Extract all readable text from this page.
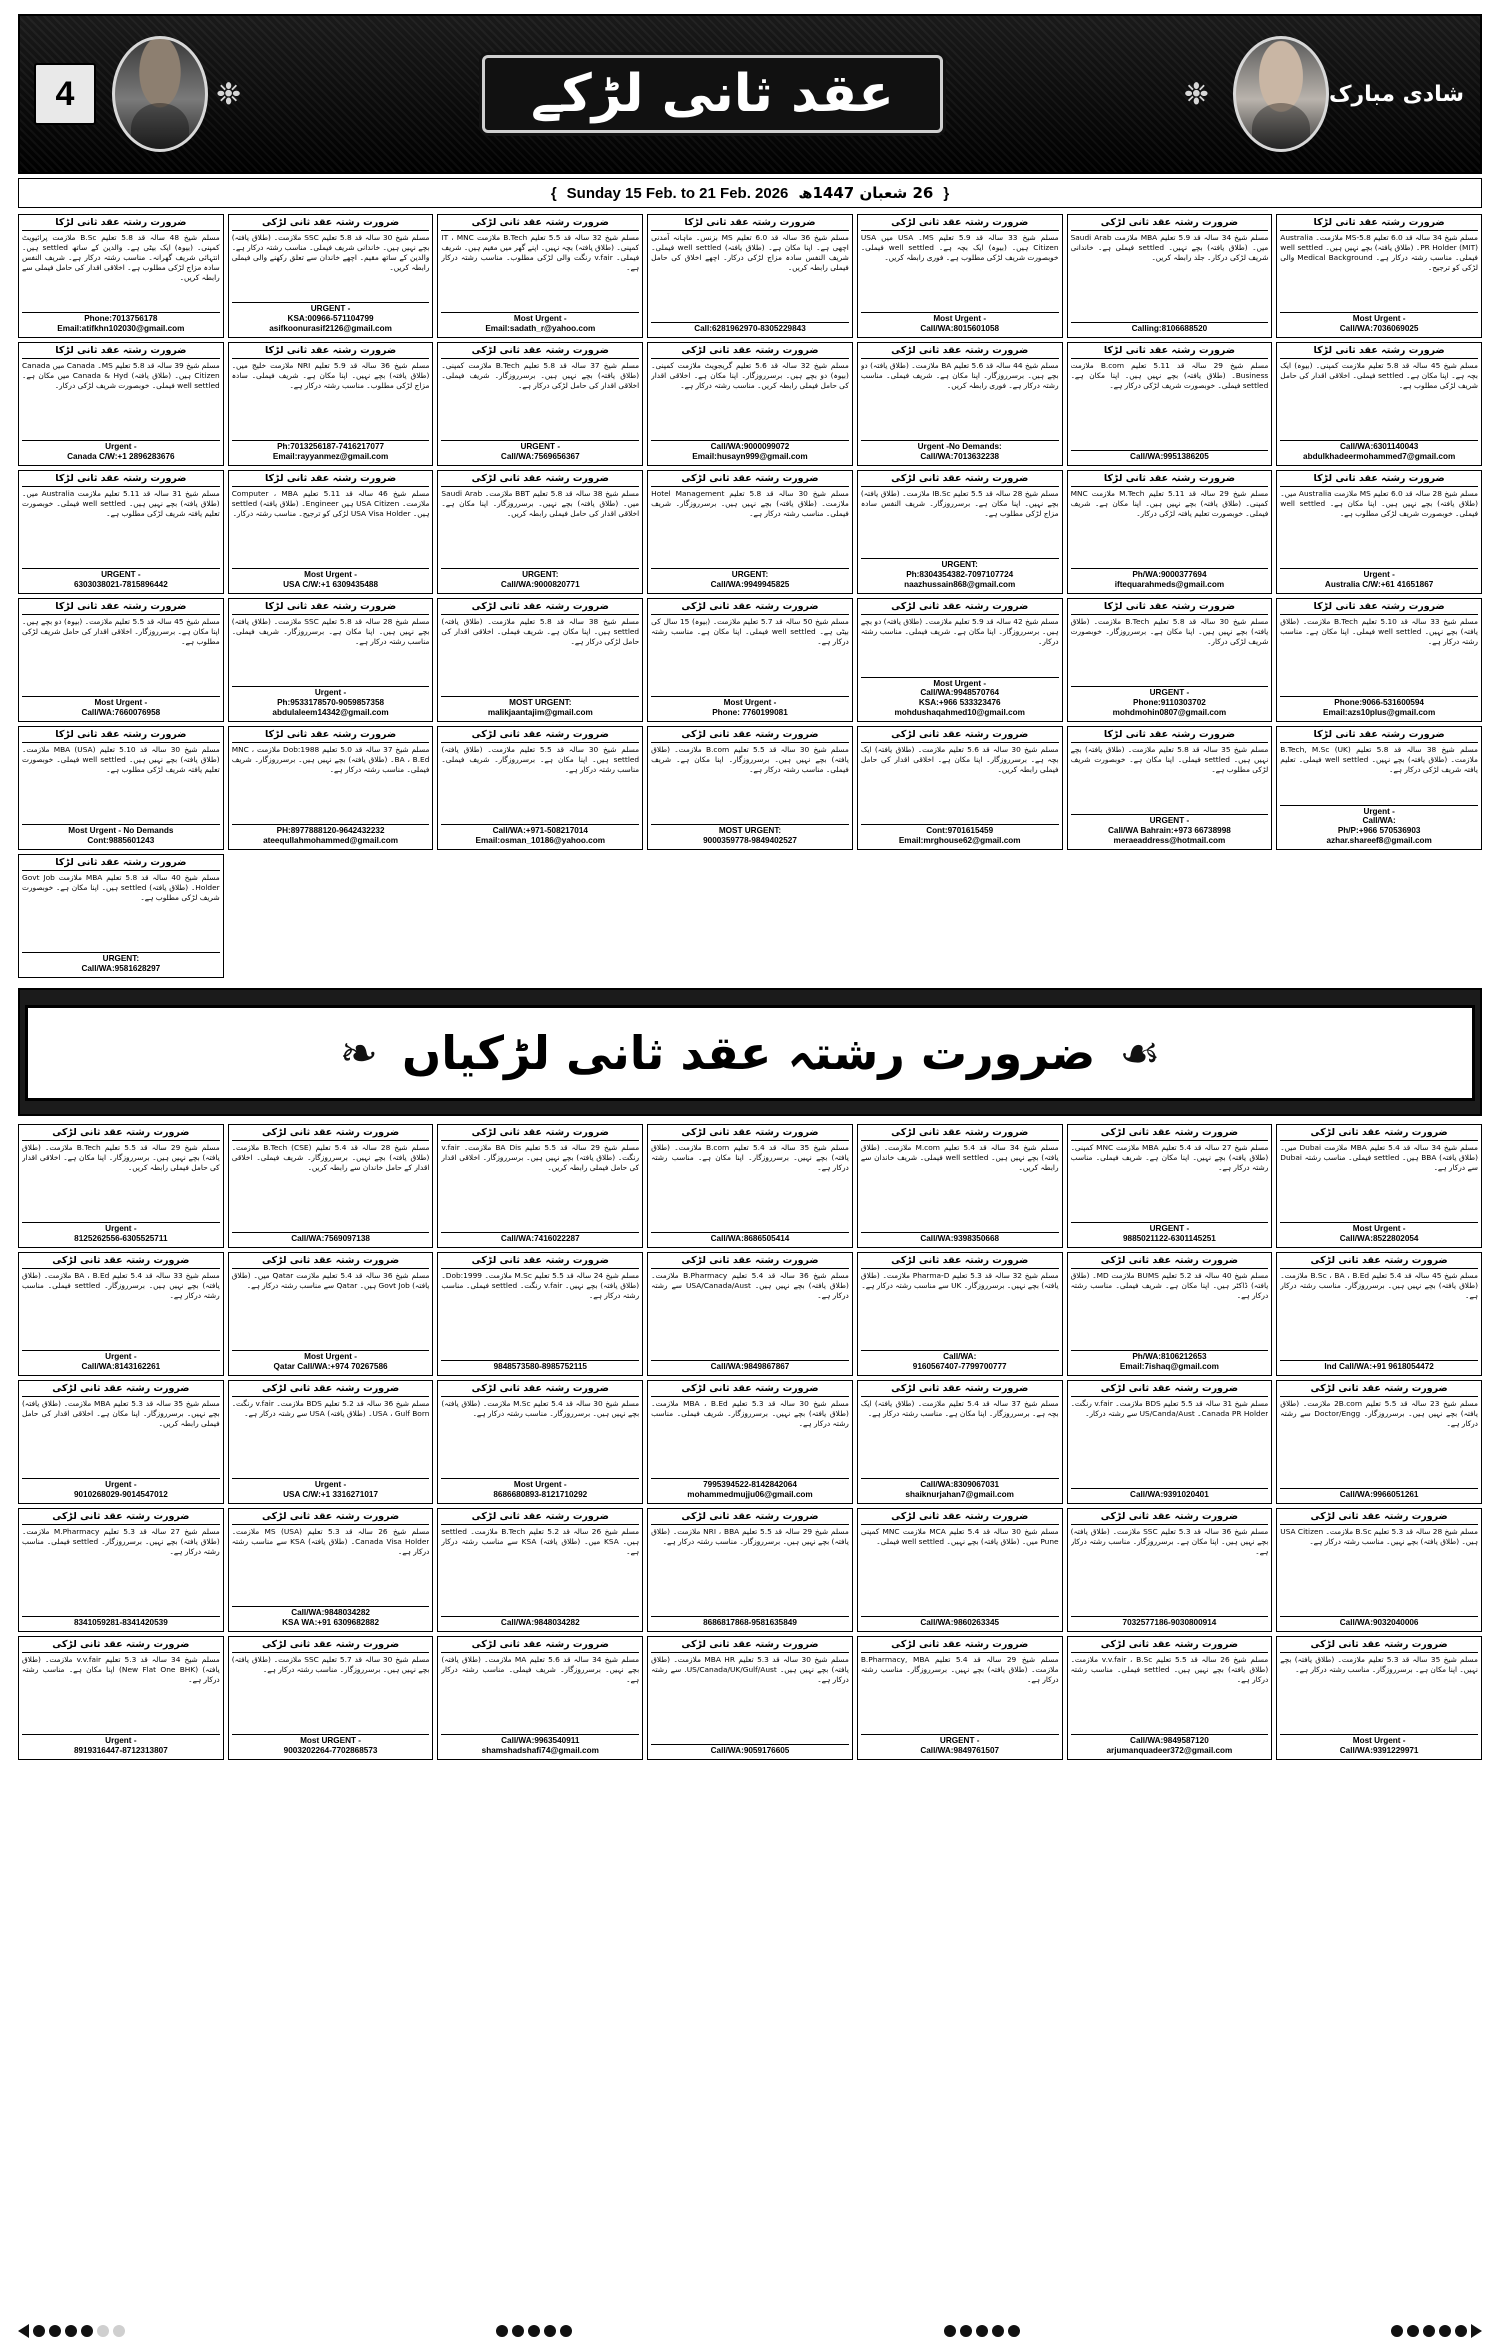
4	❉	عقد ثانی لڑکے	❉	شادی مبارک
{ Sunday 15 Feb. to 21 Feb. 2026 26 شعبان 1447ھ }
ضرورت رشتہ عقد ثانی لڑکا
مسلم شیخ 48 سالہ قد 5.8 تعلیم B.Sc ملازمت پرائیویٹ کمپنی۔ (بیوہ) ایک بیٹی ہے۔ والدین کے ساتھ settled ہیں۔ انتہائی شریف گھرانہ۔ مناسب رشتہ درکار ہے۔ شریف النفس سادہ مزاج لڑکی مطلوب ہے۔ اخلاقی اقدار کی حامل فیملی سے رابطہ کریں۔
Phone:7013756178
Email:atifkhn102030@gmail.com
ضرورت رشتہ عقد ثانی لڑکی
مسلم شیخ 30 سالہ قد 5.8 تعلیم SSC ملازمت۔ (طلاق یافتہ) بچے نہیں ہیں۔ خاندانی شریف فیملی۔ مناسب رشتہ درکار ہے۔ والدین کے ساتھ مقیم۔ اچھے خاندان سے تعلق رکھنے والی فیملی رابطہ کریں۔
URGENT -
KSA:00966-571104799
asifkoonurasif2126@gmail.com
ضرورت رشتہ عقد ثانی لڑکی
مسلم شیخ 32 سالہ قد 5.5 تعلیم B.Tech ملازمت IT ، MNC کمپنی۔ (طلاق یافتہ) بچہ نہیں۔ اپنے گھر میں مقیم ہیں۔ شریف فیملی۔ v.fair رنگت والی لڑکی مطلوب۔ مناسب رشتہ درکار ہے۔
Most Urgent -
Email:sadath_r@yahoo.com
ضرورت رشتہ عقد ثانی لڑکا
مسلم شیخ 36 سالہ قد 6.0 تعلیم MS بزنس۔ ماہانہ آمدنی اچھی ہے۔ اپنا مکان ہے۔ (طلاق یافتہ) well settled فیملی۔ شریف النفس سادہ مزاج لڑکی درکار۔ اچھے اخلاق کی حامل فیملی رابطہ کریں۔
Call:6281962970-8305229843
ضرورت رشتہ عقد ثانی لڑکی
مسلم شیخ 33 سالہ قد 5.9 تعلیم MS۔ USA میں USA Citizen ہیں۔ (بیوہ) ایک بچہ ہے۔ well settled فیملی۔ خوبصورت شریف لڑکی مطلوب ہے۔ فوری رابطہ کریں۔
Most Urgent -
Call/WA:8015601058
ضرورت رشتہ عقد ثانی لڑکی
مسلم شیخ 34 سالہ قد 5.9 تعلیم MBA ملازمت Saudi Arab میں۔ (طلاق یافتہ) بچے نہیں۔ settled فیملی ہے۔ خاندانی شریف لڑکی درکار۔ جلد رابطہ کریں۔
Calling:8106688520
ضرورت رشتہ عقد ثانی لڑکا
مسلم شیخ 34 سالہ قد 6.0 تعلیم MS-5.8 ملازمت۔ Australia PR Holder (MIT)۔ (طلاق یافتہ) بچے نہیں ہیں۔ well settled فیملی۔ مناسب رشتہ درکار ہے۔ Medical Background والی لڑکی کو ترجیح۔
Most Urgent -
Call/WA:7036069025
ضرورت رشتہ عقد ثانی لڑکا
مسلم شیخ 39 سالہ قد 5.8 تعلیم MS۔ Canada میں Canada Citizen ہیں۔ (طلاق یافتہ) Canada & Hyd میں مکان ہے۔ well settled فیملی۔ خوبصورت شریف لڑکی درکار۔
Urgent -
Canada C/W:+1 2896283676
ضرورت رشتہ عقد ثانی لڑکا
مسلم شیخ 36 سالہ قد 5.9 تعلیم NRI ملازمت خلیج میں۔ (طلاق یافتہ) بچے نہیں۔ اپنا مکان ہے۔ شریف فیملی۔ سادہ مزاج لڑکی مطلوب۔ مناسب رشتہ درکار ہے۔
Ph:7013256187-7416217077
Email:rayyanmez@gmail.com
ضرورت رشتہ عقد ثانی لڑکی
مسلم شیخ 37 سالہ قد 5.8 تعلیم B.Tech ملازمت کمپنی۔ (طلاق یافتہ) بچے نہیں ہیں۔ برسرروزگار۔ شریف فیملی۔ اخلاقی اقدار کی حامل لڑکی درکار ہے۔
URGENT -
Call/WA:7569656367
ضرورت رشتہ عقد ثانی لڑکی
مسلم شیخ 32 سالہ قد 5.6 تعلیم گریجویٹ ملازمت کمپنی۔ (بیوہ) دو بچے ہیں۔ برسرروزگار۔ اپنا مکان ہے۔ اخلاقی اقدار کی حامل فیملی رابطہ کریں۔ مناسب رشتہ درکار ہے۔
Call/WA:9000099072
Email:husayn999@gmail.com
ضرورت رشتہ عقد ثانی لڑکی
مسلم شیخ 44 سالہ قد 5.6 تعلیم BA ملازمت۔ (طلاق یافتہ) دو بچے ہیں۔ برسرروزگار۔ اپنا مکان ہے۔ شریف فیملی۔ مناسب رشتہ درکار ہے۔ فوری رابطہ کریں۔
Urgent -No Demands:
Call/WA:7013632238
ضرورت رشتہ عقد ثانی لڑکا
مسلم شیخ 29 سالہ قد 5.11 تعلیم B.com ملازمت Business۔ (طلاق یافتہ) بچے نہیں ہیں۔ اپنا مکان ہے۔ settled فیملی۔ خوبصورت شریف لڑکی درکار ہے۔
Call/WA:9951386205
ضرورت رشتہ عقد ثانی لڑکا
مسلم شیخ 45 سالہ قد 5.8 تعلیم ملازمت کمپنی۔ (بیوہ) ایک بچہ ہے۔ اپنا مکان ہے۔ settled فیملی۔ اخلاقی اقدار کی حامل شریف لڑکی مطلوب ہے۔
Call/WA:6301140043
abdulkhadeermohammed7@gmail.com
ضرورت رشتہ عقد ثانی لڑکا
مسلم شیخ 31 سالہ قد 5.11 تعلیم ملازمت Australia میں۔ (طلاق یافتہ) بچے نہیں ہیں۔ well settled فیملی۔ خوبصورت تعلیم یافتہ شریف لڑکی مطلوب ہے۔
URGENT -
6303038021-7815896442
ضرورت رشتہ عقد ثانی لڑکا
مسلم شیخ 46 سالہ قد 5.11 تعلیم Computer ، MBA ملازمت۔ USA Citizen ہیں Engineer۔ (طلاق یافتہ) settled ہیں۔ USA Visa Holder لڑکی کو ترجیح۔ مناسب رشتہ درکار۔
Most Urgent -
USA C/W:+1 6309435488
ضرورت رشتہ عقد ثانی لڑکی
مسلم شیخ 38 سالہ قد 5.8 تعلیم BBT ملازمت۔ Saudi Arab میں۔ (طلاق یافتہ) بچے نہیں۔ برسرروزگار۔ اپنا مکان ہے۔ اخلاقی اقدار کی حامل فیملی رابطہ کریں۔
URGENT:
Call/WA:9000820771
ضرورت رشتہ عقد ثانی لڑکی
مسلم شیخ 30 سالہ قد 5.8 تعلیم Hotel Management ملازمت۔ (طلاق یافتہ) بچے نہیں ہیں۔ برسرروزگار۔ شریف فیملی۔ مناسب رشتہ درکار ہے۔
URGENT:
Call/WA:9949945825
ضرورت رشتہ عقد ثانی لڑکی
مسلم شیخ 28 سالہ قد 5.5 تعلیم IB.Sc ملازمت۔ (طلاق یافتہ) بچے نہیں۔ اپنا مکان ہے۔ برسرروزگار۔ شریف النفس سادہ مزاج لڑکی مطلوب ہے۔
URGENT:
Ph:8304354382-7097107724
naazhussain868@gmail.com
ضرورت رشتہ عقد ثانی لڑکا
مسلم شیخ 29 سالہ قد 5.11 تعلیم M.Tech ملازمت MNC کمپنی۔ (طلاق یافتہ) بچے نہیں ہیں۔ اپنا مکان ہے۔ شریف فیملی۔ خوبصورت تعلیم یافتہ لڑکی درکار۔
Ph/WA:9000377694
iftequarahmeds@gmail.com
ضرورت رشتہ عقد ثانی لڑکا
مسلم شیخ 28 سالہ قد 6.0 تعلیم MS ملازمت Australia میں۔ (طلاق یافتہ) بچے نہیں ہیں۔ اپنا مکان ہے۔ well settled فیملی۔ خوبصورت شریف لڑکی مطلوب ہے۔
Urgent -
Australia C/W:+61 41651867
ضرورت رشتہ عقد ثانی لڑکا
مسلم شیخ 45 سالہ قد 5.5 تعلیم ملازمت۔ (بیوہ) دو بچے ہیں۔ اپنا مکان ہے۔ برسرروزگار۔ اخلاقی اقدار کی حامل شریف لڑکی مطلوب ہے۔
Most Urgent -
Call/WA:7660076958
ضرورت رشتہ عقد ثانی لڑکا
مسلم شیخ 28 سالہ قد 5.8 تعلیم SSC ملازمت۔ (طلاق یافتہ) بچے نہیں ہیں۔ اپنا مکان ہے۔ برسرروزگار۔ شریف فیملی۔ مناسب رشتہ درکار ہے۔
Urgent -
Ph:9533178570-9059857358
abdulaleem14342@gmail.com
ضرورت رشتہ عقد ثانی لڑکی
مسلم شیخ 38 سالہ قد 5.8 تعلیم ملازمت۔ (طلاق یافتہ) settled ہیں۔ اپنا مکان ہے۔ شریف فیملی۔ اخلاقی اقدار کی حامل لڑکی درکار ہے۔
MOST URGENT:
malikjaantajim@gmail.com
ضرورت رشتہ عقد ثانی لڑکی
مسلم شیخ 50 سالہ قد 5.7 تعلیم ملازمت۔ (بیوہ) 15 سال کی بیٹی ہے۔ well settled فیملی۔ اپنا مکان ہے۔ مناسب رشتہ درکار ہے۔
Most Urgent -
Phone: 7760199081
ضرورت رشتہ عقد ثانی لڑکی
مسلم شیخ 42 سالہ قد 5.9 تعلیم ملازمت۔ (طلاق یافتہ) دو بچے ہیں۔ برسرروزگار۔ اپنا مکان ہے۔ شریف فیملی۔ مناسب رشتہ درکار۔
Most Urgent -
Call/WA:9948570764
KSA:+966 533323476
mohdushaqahmed10@gmail.com
ضرورت رشتہ عقد ثانی لڑکا
مسلم شیخ 30 سالہ قد 5.8 تعلیم B.Tech ملازمت۔ (طلاق یافتہ) بچے نہیں ہیں۔ اپنا مکان ہے۔ برسرروزگار۔ خوبصورت شریف لڑکی درکار۔
URGENT -
Phone:9110303702
mohdmohin0807@gmail.com
ضرورت رشتہ عقد ثانی لڑکا
مسلم شیخ 33 سالہ قد 5.10 تعلیم B.Tech ملازمت۔ (طلاق یافتہ) بچے نہیں۔ well settled فیملی۔ اپنا مکان ہے۔ مناسب رشتہ درکار ہے۔
Phone:9066-531600594
Email:azs10plus@gmail.com
ضرورت رشتہ عقد ثانی لڑکا
مسلم شیخ 30 سالہ قد 5.10 تعلیم MBA (USA) ملازمت۔ (طلاق یافتہ) بچے نہیں ہیں۔ well settled فیملی۔ خوبصورت تعلیم یافتہ شریف لڑکی مطلوب ہے۔
Most Urgent - No Demands
Cont:9885601243
ضرورت رشتہ عقد ثانی لڑکا
مسلم شیخ 37 سالہ قد 5.0 تعلیم Dob:1988 ملازمت MNC ، BA ، B.Ed۔ (طلاق یافتہ) بچے نہیں ہیں۔ برسرروزگار۔ شریف فیملی۔ مناسب رشتہ درکار ہے۔
PH:8977888120-9642432232
ateequllahmohammed@gmail.com
ضرورت رشتہ عقد ثانی لڑکی
مسلم شیخ 30 سالہ قد 5.5 تعلیم ملازمت۔ (طلاق یافتہ) settled ہیں۔ اپنا مکان ہے۔ برسرروزگار۔ شریف فیملی۔ مناسب رشتہ درکار ہے۔
Call/WA:+971-508217014
Email:osman_10186@yahoo.com
ضرورت رشتہ عقد ثانی لڑکی
مسلم شیخ 30 سالہ قد 5.5 تعلیم B.com ملازمت۔ (طلاق یافتہ) بچے نہیں ہیں۔ برسرروزگار۔ اپنا مکان ہے۔ شریف فیملی۔ مناسب رشتہ درکار ہے۔
MOST URGENT:
9000359778-9849402527
ضرورت رشتہ عقد ثانی لڑکی
مسلم شیخ 30 سالہ قد 5.6 تعلیم ملازمت۔ (طلاق یافتہ) ایک بچہ ہے۔ برسرروزگار۔ اپنا مکان ہے۔ اخلاقی اقدار کی حامل فیملی رابطہ کریں۔
Cont:9701615459
Email:mrghouse62@gmail.com
ضرورت رشتہ عقد ثانی لڑکا
مسلم شیخ 35 سالہ قد 5.8 تعلیم ملازمت۔ (طلاق یافتہ) بچے نہیں ہیں۔ settled فیملی۔ اپنا مکان ہے۔ خوبصورت شریف لڑکی مطلوب ہے۔
URGENT -
Call/WA Bahrain:+973 66738998
meraeaddress@hotmail.com
ضرورت رشتہ عقد ثانی لڑکا
مسلم شیخ 38 سالہ قد 5.8 تعلیم B.Tech, M.Sc (UK) ملازمت۔ (طلاق یافتہ) بچے نہیں۔ well settled فیملی۔ تعلیم یافتہ شریف لڑکی درکار ہے۔
Urgent -
Call/WA:
Ph/P:+966 570536903
azhar.shareef8@gmail.com
ضرورت رشتہ عقد ثانی لڑکا
مسلم شیخ 40 سالہ قد 5.8 تعلیم MBA ملازمت Govt Job Holder۔ (طلاق یافتہ) settled ہیں۔ اپنا مکان ہے۔ خوبصورت شریف لڑکی مطلوب ہے۔
URGENT:
Call/WA:9581628297
❧ ضرورت رشتہ عقد ثانی لڑکیاں ☙
ضرورت رشتہ عقد ثانی لڑکی
مسلم شیخ 29 سالہ قد 5.5 تعلیم B.Tech ملازمت۔ (طلاق یافتہ) بچے نہیں ہیں۔ برسرروزگار۔ اپنا مکان ہے۔ اخلاقی اقدار کی حامل فیملی رابطہ کریں۔
Urgent -
8125262556-6305525711
ضرورت رشتہ عقد ثانی لڑکی
مسلم شیخ 28 سالہ قد 5.4 تعلیم B.Tech (CSE) ملازمت۔ (طلاق یافتہ) بچے نہیں۔ برسرروزگار۔ شریف فیملی۔ اخلاقی اقدار کے حامل خاندان سے رابطہ کریں۔
Call/WA:7569097138
ضرورت رشتہ عقد ثانی لڑکی
مسلم شیخ 29 سالہ قد 5.5 تعلیم BA Dis ملازمت۔ v.fair رنگت۔ (طلاق یافتہ) بچے نہیں ہیں۔ برسرروزگار۔ اخلاقی اقدار کی حامل فیملی رابطہ کریں۔
Call/WA:7416022287
ضرورت رشتہ عقد ثانی لڑکی
مسلم شیخ 35 سالہ قد 5.4 تعلیم B.com ملازمت۔ (طلاق یافتہ) بچے نہیں۔ برسرروزگار۔ اپنا مکان ہے۔ مناسب رشتہ درکار ہے۔
Call/WA:8686505414
ضرورت رشتہ عقد ثانی لڑکی
مسلم شیخ 34 سالہ قد 5.4 تعلیم M.com ملازمت۔ (طلاق یافتہ) بچے نہیں ہیں۔ well settled فیملی۔ شریف خاندان سے رابطہ کریں۔
Call/WA:9398350668
ضرورت رشتہ عقد ثانی لڑکی
مسلم شیخ 27 سالہ قد 5.4 تعلیم MBA ملازمت MNC کمپنی۔ (طلاق یافتہ) بچے نہیں۔ اپنا مکان ہے۔ شریف فیملی۔ مناسب رشتہ درکار ہے۔
URGENT -
9885021122-6301145251
ضرورت رشتہ عقد ثانی لڑکی
مسلم شیخ 34 سالہ قد 5.4 تعلیم MBA ملازمت Dubai میں۔ (طلاق یافتہ) BBA ہیں۔ settled فیملی۔ مناسب رشتہ Dubai سے درکار ہے۔
Most Urgent -
Call/WA:8522802054
ضرورت رشتہ عقد ثانی لڑکی
مسلم شیخ 33 سالہ قد 5.4 تعلیم BA ، B.Ed ملازمت۔ (طلاق یافتہ) بچے نہیں ہیں۔ برسرروزگار۔ settled فیملی۔ مناسب رشتہ درکار ہے۔
Urgent -
Call/WA:8143162261
ضرورت رشتہ عقد ثانی لڑکی
مسلم شیخ 36 سالہ قد 5.4 تعلیم ملازمت Qatar میں۔ (طلاق یافتہ) Govt Job ہیں۔ Qatar سے مناسب رشتہ درکار ہے۔
Most Urgent -
Qatar Call/WA:+974 70267586
ضرورت رشتہ عقد ثانی لڑکی
مسلم شیخ 24 سالہ قد 5.5 تعلیم M.Sc ملازمت۔ Dob:1999۔ (طلاق یافتہ) بچے نہیں۔ v.fair رنگت۔ settled فیملی۔ مناسب رشتہ درکار ہے۔
9848573580-8985752115
ضرورت رشتہ عقد ثانی لڑکی
مسلم شیخ 36 سالہ قد 5.4 تعلیم B.Pharmacy ملازمت۔ (طلاق یافتہ) بچے نہیں ہیں۔ USA/Canada/Aust سے رشتہ درکار ہے۔
Call/WA:9849867867
ضرورت رشتہ عقد ثانی لڑکی
مسلم شیخ 32 سالہ قد 5.3 تعلیم Pharma-D ملازمت۔ (طلاق یافتہ) بچے نہیں۔ برسرروزگار۔ UK سے مناسب رشتہ درکار ہے۔
Call/WA:
9160567407-7799700777
ضرورت رشتہ عقد ثانی لڑکی
مسلم شیخ 40 سالہ قد 5.2 تعلیم BUMS ملازمت MD۔ (طلاق یافتہ) ڈاکٹر ہیں۔ اپنا مکان ہے۔ شریف فیملی۔ مناسب رشتہ درکار ہے۔
Ph/WA:8106212653
Email:7ishaq@gmail.com
ضرورت رشتہ عقد ثانی لڑکی
مسلم شیخ 45 سالہ قد 5.4 تعلیم B.Sc ، BA ، B.Ed ملازمت۔ (طلاق یافتہ) بچے نہیں ہیں۔ برسرروزگار۔ مناسب رشتہ درکار ہے۔
Ind Call/WA:+91 9618054472
ضرورت رشتہ عقد ثانی لڑکی
مسلم شیخ 35 سالہ قد 5.3 تعلیم MBA ملازمت۔ (طلاق یافتہ) بچے نہیں۔ برسرروزگار۔ اپنا مکان ہے۔ اخلاقی اقدار کی حامل فیملی رابطہ کریں۔
Urgent -
9010268029-9014547012
ضرورت رشتہ عقد ثانی لڑکی
مسلم شیخ 36 سالہ قد 5.2 تعلیم BDS ملازمت۔ v.fair رنگت۔ USA ، Gulf Born۔ (طلاق یافتہ) USA سے رشتہ درکار ہے۔
Urgent -
USA C/W:+1 3316271017
ضرورت رشتہ عقد ثانی لڑکی
مسلم شیخ 30 سالہ قد 5.4 تعلیم M.Sc ملازمت۔ (طلاق یافتہ) بچے نہیں ہیں۔ برسرروزگار۔ مناسب رشتہ درکار ہے۔
Most Urgent -
8686680893-8121710292
ضرورت رشتہ عقد ثانی لڑکی
مسلم شیخ 30 سالہ قد 5.3 تعلیم MBA ، B.Ed ملازمت۔ (طلاق یافتہ) بچے نہیں۔ برسرروزگار۔ شریف فیملی۔ مناسب رشتہ درکار ہے۔
7995394522-8142842064
mohammedmujju06@gmail.com
ضرورت رشتہ عقد ثانی لڑکی
مسلم شیخ 37 سالہ قد 5.4 تعلیم ملازمت۔ (طلاق یافتہ) ایک بچہ ہے۔ برسرروزگار۔ اپنا مکان ہے۔ مناسب رشتہ درکار ہے۔
Call/WA:8309067031
shaiknurjahan7@gmail.com
ضرورت رشتہ عقد ثانی لڑکی
مسلم شیخ 31 سالہ قد 5.5 تعلیم BDS ملازمت۔ v.fair رنگت۔ Canada PR Holder۔ US/Canda/Aust سے رشتہ درکار۔
Call/WA:9391020401
ضرورت رشتہ عقد ثانی لڑکی
مسلم شیخ 23 سالہ قد 5.5 تعلیم 2B.com ملازمت۔ (طلاق یافتہ) بچے نہیں ہیں۔ برسرروزگار۔ Doctor/Engg سے رشتہ درکار ہے۔
Call/WA:9966051261
ضرورت رشتہ عقد ثانی لڑکی
مسلم شیخ 27 سالہ قد 5.3 تعلیم M.Pharmacy ملازمت۔ (طلاق یافتہ) بچے نہیں۔ برسرروزگار۔ settled فیملی۔ مناسب رشتہ درکار ہے۔
8341059281-8341420539
ضرورت رشتہ عقد ثانی لڑکی
مسلم شیخ 26 سالہ قد 5.3 تعلیم MS (USA) ملازمت۔ Canada Visa Holder۔ (طلاق یافتہ) KSA سے مناسب رشتہ درکار ہے۔
Call/WA:9848034282
KSA WA:+91 6309682882
ضرورت رشتہ عقد ثانی لڑکی
مسلم شیخ 26 سالہ قد 5.2 تعلیم B.Tech ملازمت۔ settled ہیں۔ KSA میں۔ (طلاق یافتہ) KSA سے مناسب رشتہ درکار ہے۔
Call/WA:9848034282
ضرورت رشتہ عقد ثانی لڑکی
مسلم شیخ 29 سالہ قد 5.5 تعلیم NRI ، BBA ملازمت۔ (طلاق یافتہ) بچے نہیں ہیں۔ برسرروزگار۔ مناسب رشتہ درکار ہے۔
8686817868-9581635849
ضرورت رشتہ عقد ثانی لڑکی
مسلم شیخ 30 سالہ قد 5.4 تعلیم MCA ملازمت MNC کمپنی Pune میں۔ (طلاق یافتہ) بچے نہیں۔ well settled فیملی۔
Call/WA:9860263345
ضرورت رشتہ عقد ثانی لڑکی
مسلم شیخ 36 سالہ قد 5.3 تعلیم SSC ملازمت۔ (طلاق یافتہ) بچے نہیں ہیں۔ اپنا مکان ہے۔ برسرروزگار۔ مناسب رشتہ درکار ہے۔
7032577186-9030800914
ضرورت رشتہ عقد ثانی لڑکی
مسلم شیخ 28 سالہ قد 5.3 تعلیم B.Sc ملازمت۔ USA Citizen ہیں۔ (طلاق یافتہ) بچے نہیں۔ مناسب رشتہ درکار ہے۔
Call/WA:9032040006
ضرورت رشتہ عقد ثانی لڑکی
مسلم شیخ 34 سالہ قد 5.3 تعلیم v.v.fair ملازمت۔ (طلاق یافتہ) (New Flat One BHK) اپنا مکان ہے۔ مناسب رشتہ درکار ہے۔
Urgent -
8919316447-8712313807
ضرورت رشتہ عقد ثانی لڑکی
مسلم شیخ 30 سالہ قد 5.7 تعلیم SSC ملازمت۔ (طلاق یافتہ) بچے نہیں ہیں۔ برسرروزگار۔ مناسب رشتہ درکار ہے۔
Most URGENT -
9003202264-7702868573
ضرورت رشتہ عقد ثانی لڑکی
مسلم شیخ 34 سالہ قد 5.6 تعلیم MA ملازمت۔ (طلاق یافتہ) بچے نہیں۔ برسرروزگار۔ شریف فیملی۔ مناسب رشتہ درکار ہے۔
Call/WA:9963540911
shamshadshafi74@gmail.com
ضرورت رشتہ عقد ثانی لڑکی
مسلم شیخ 30 سالہ قد 5.3 تعلیم MBA HR ملازمت۔ (طلاق یافتہ) بچے نہیں ہیں۔ US/Canada/UK/Gulf/Aust. سے رشتہ درکار ہے۔
Call/WA:9059176605
ضرورت رشتہ عقد ثانی لڑکی
مسلم شیخ 29 سالہ قد 5.4 تعلیم B.Pharmacy, MBA ملازمت۔ (طلاق یافتہ) بچے نہیں۔ برسرروزگار۔ مناسب رشتہ درکار ہے۔
URGENT -
Call/WA:9849761507
ضرورت رشتہ عقد ثانی لڑکی
مسلم شیخ 26 سالہ قد 5.5 تعلیم v.v.fair ، B.Sc ملازمت۔ (طلاق یافتہ) بچے نہیں ہیں۔ settled فیملی۔ مناسب رشتہ درکار ہے۔
Call/WA:9849587120
arjumanquadeer372@gmail.com
ضرورت رشتہ عقد ثانی لڑکی
مسلم شیخ 35 سالہ قد 5.3 تعلیم ملازمت۔ (طلاق یافتہ) بچے نہیں۔ اپنا مکان ہے۔ برسرروزگار۔ مناسب رشتہ درکار ہے۔
Most Urgent -
Call/WA:9391229971
